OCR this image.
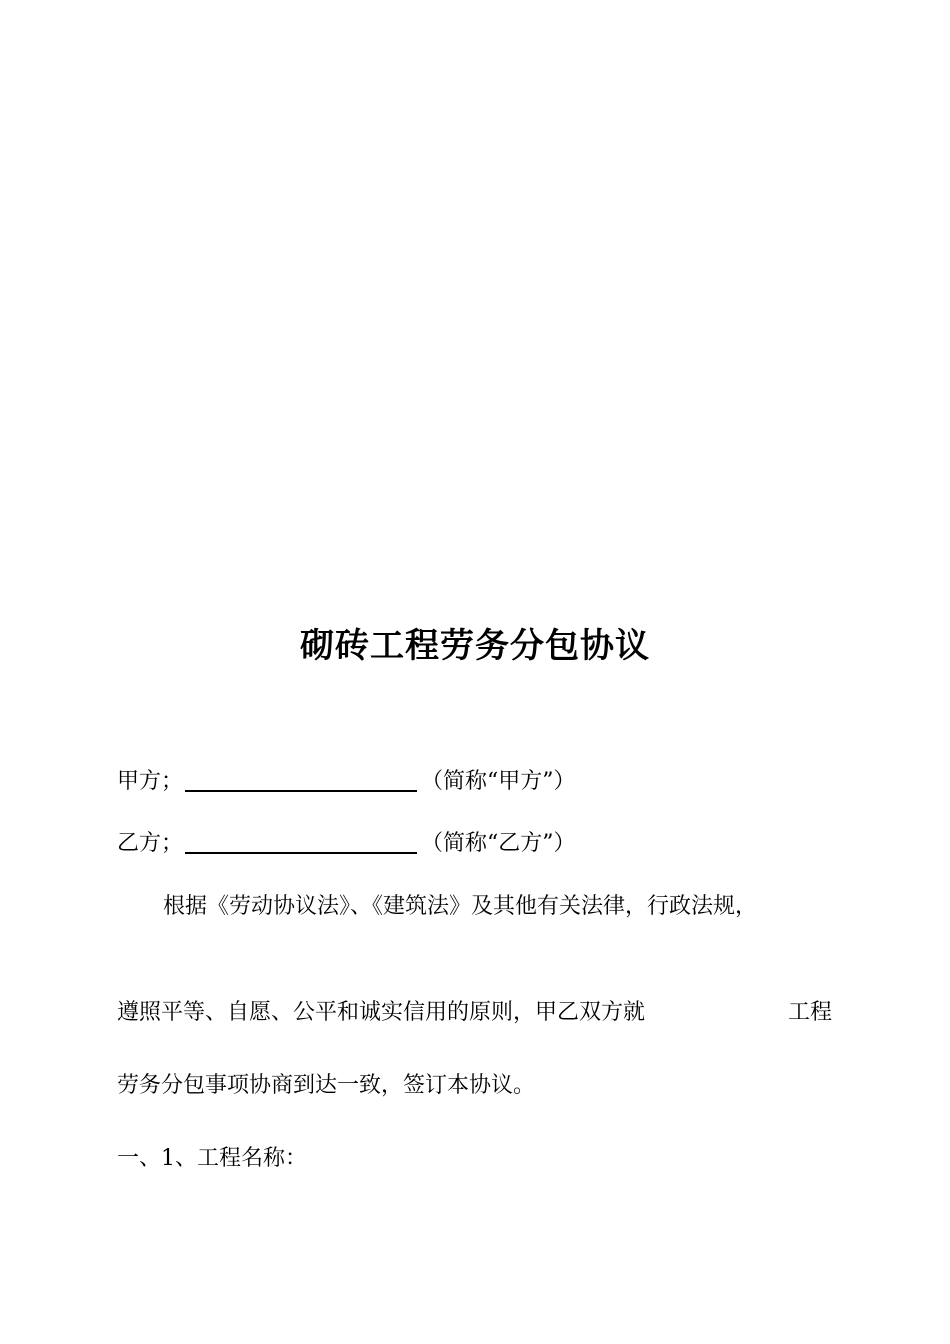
砌砖工程劳务分包协议
甲方；	（简称“甲方”）
乙方；	（简称“乙方”）
根据《劳动协议法》、《建筑法》及其他有关法律，行政法规，
遵照平等、自愿、公平和诚实信用的原则，甲乙双方就	工程
劳务分包事项协商到达一致，签订本协议。
一、1、工程名称：
